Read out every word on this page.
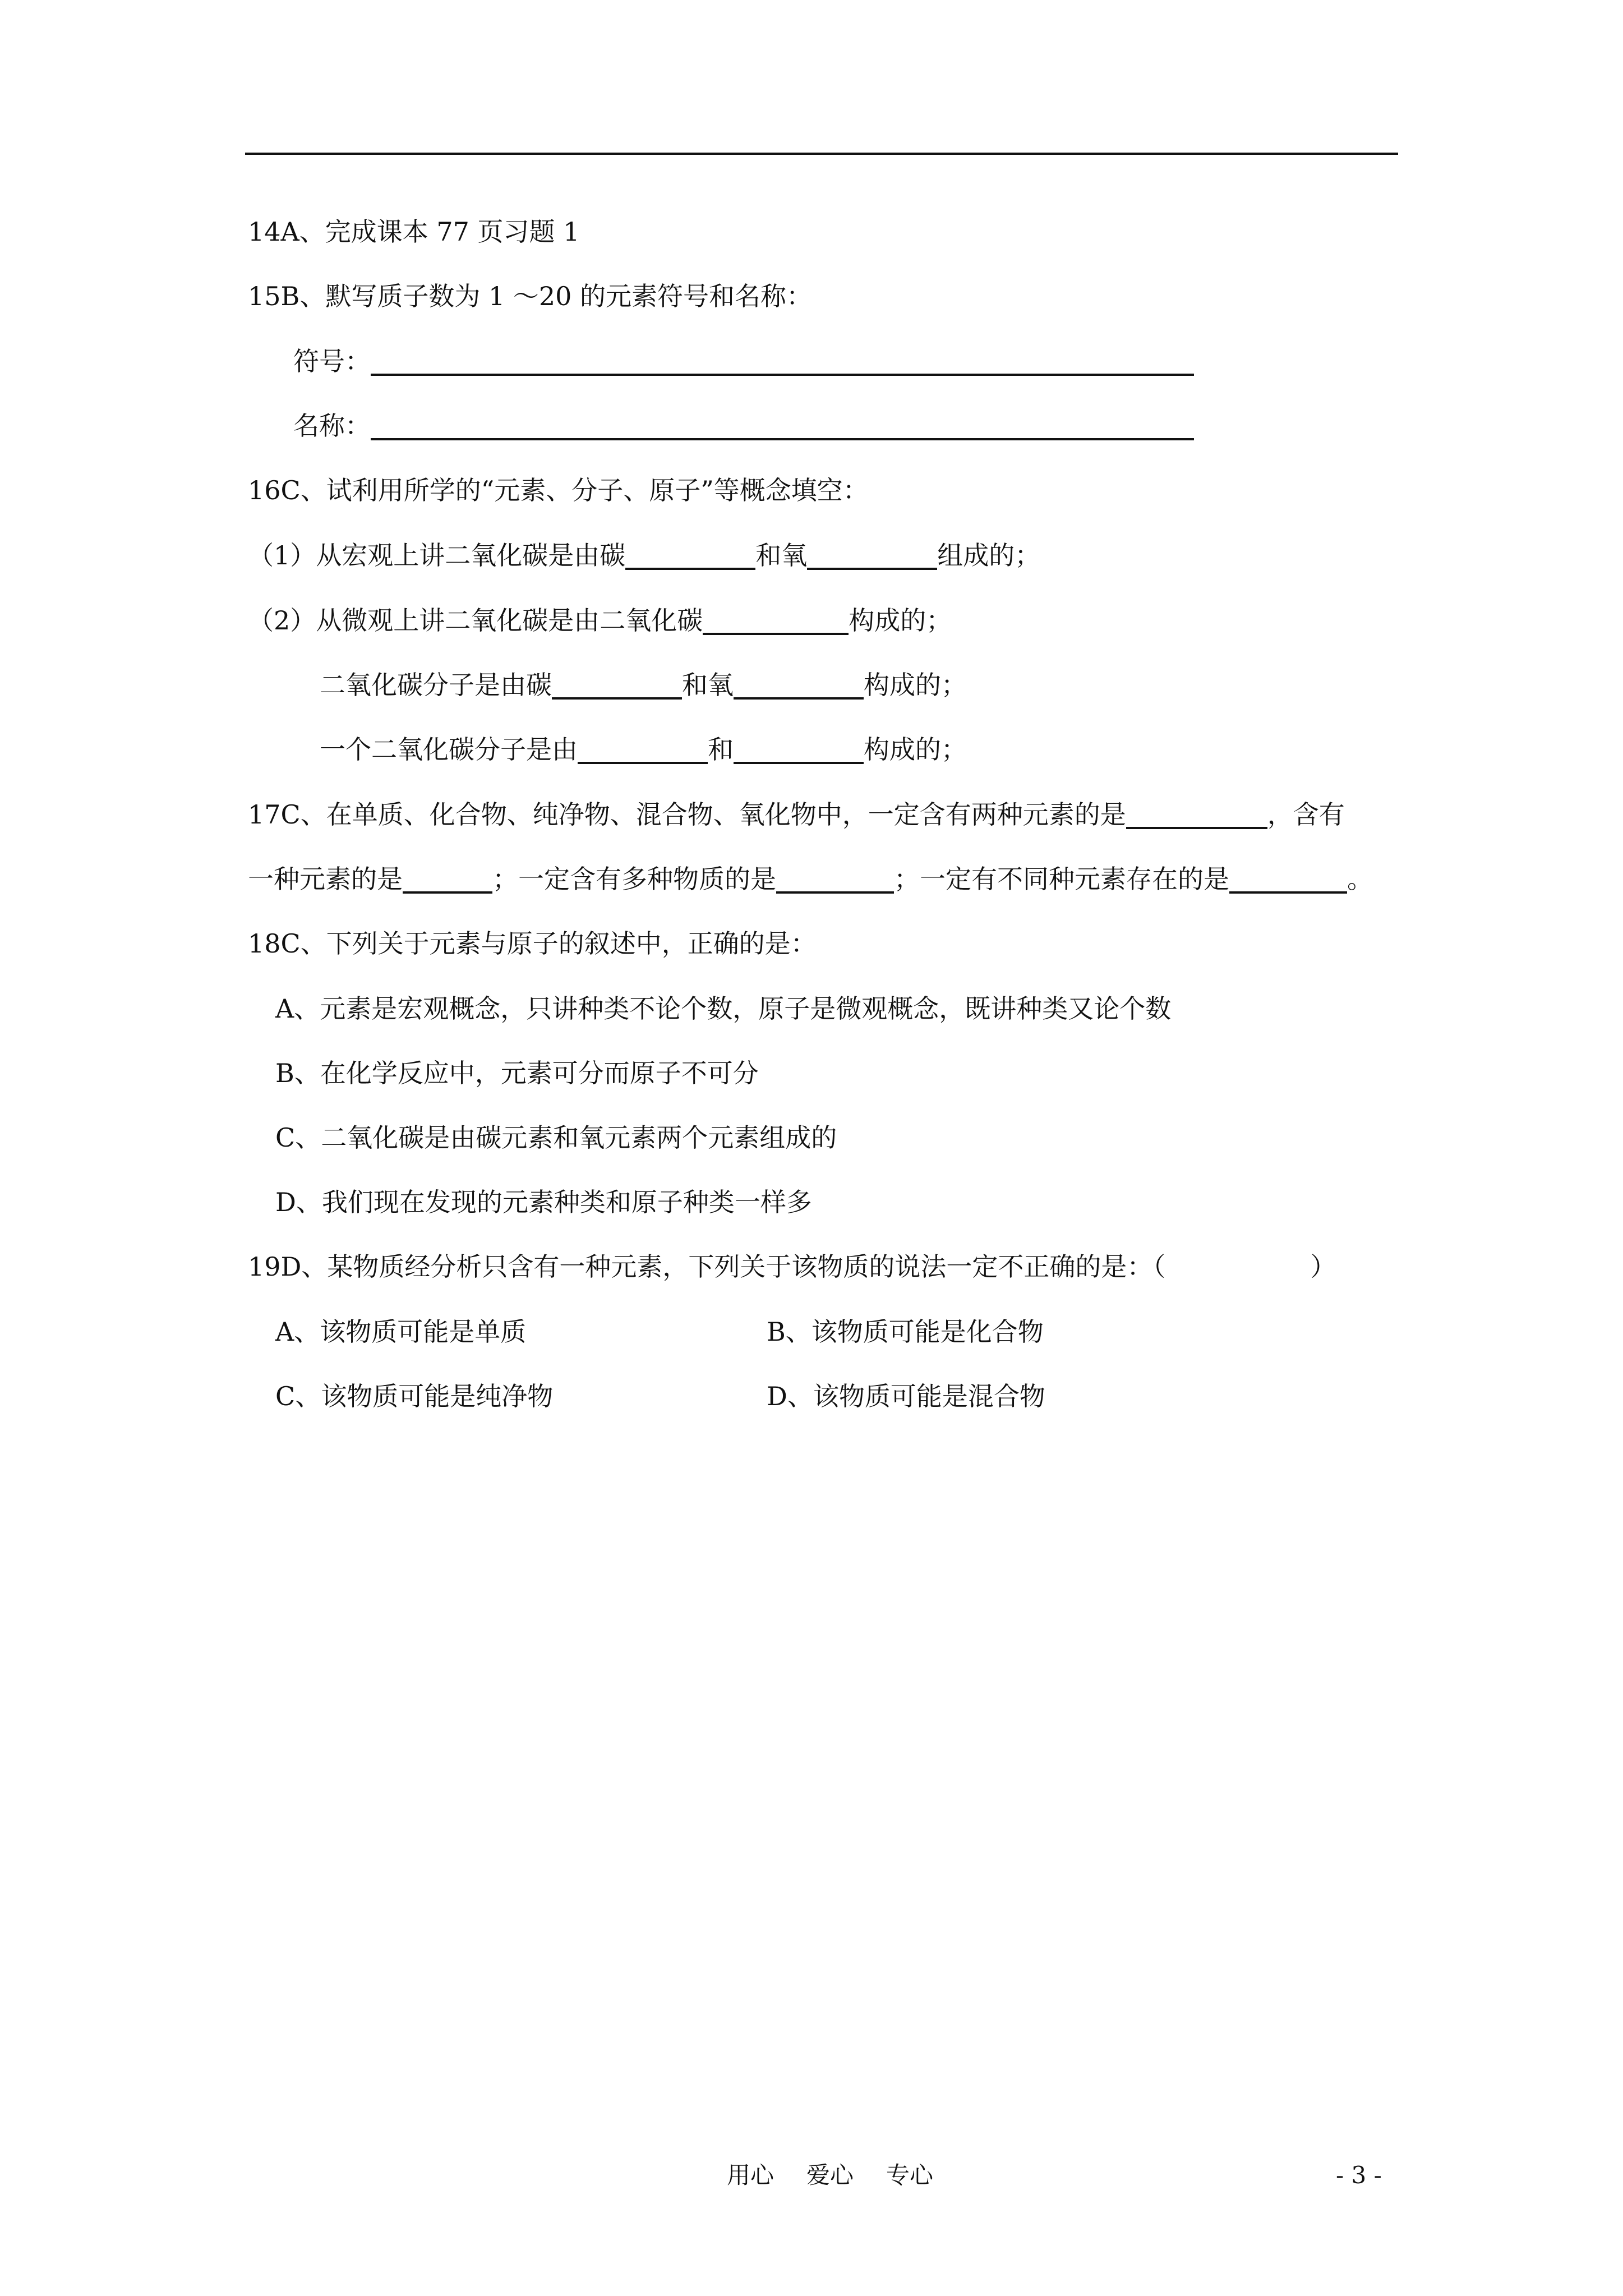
14A、完成课本 77 页习题 1
15B、默写质子数为 1 ～20 的元素符号和名称：
符号：
名称：
16C、试利用所学的“元素、分子、原子”等概念填空：
（1）从宏观上讲二氧化碳是由碳	和氧	组成的；
（2）从微观上讲二氧化碳是由二氧化碳	构成的；
二氧化碳分子是由碳	和氧	构成的；
一个二氧化碳分子是由	和	构成的；
17C、在单质、化合物、纯净物、混合物、氧化物中，一定含有两种元素的是	，含有
一种元素的是	；一定含有多种物质的是	；一定有不同种元素存在的是	。
18C、下列关于元素与原子的叙述中，正确的是：
A、元素是宏观概念，只讲种类不论个数，原子是微观概念，既讲种类又论个数
B、在化学反应中，元素可分而原子不可分
C、二氧化碳是由碳元素和氧元素两个元素组成的
D、我们现在发现的元素种类和原子种类一样多
19D、某物质经分析只含有一种元素，下列关于该物质的说法一定不正确的是：（	）
A、该物质可能是单质	B、该物质可能是化合物
C、该物质可能是纯净物	D、该物质可能是混合物
用心 爱心 专心	- 3 -
